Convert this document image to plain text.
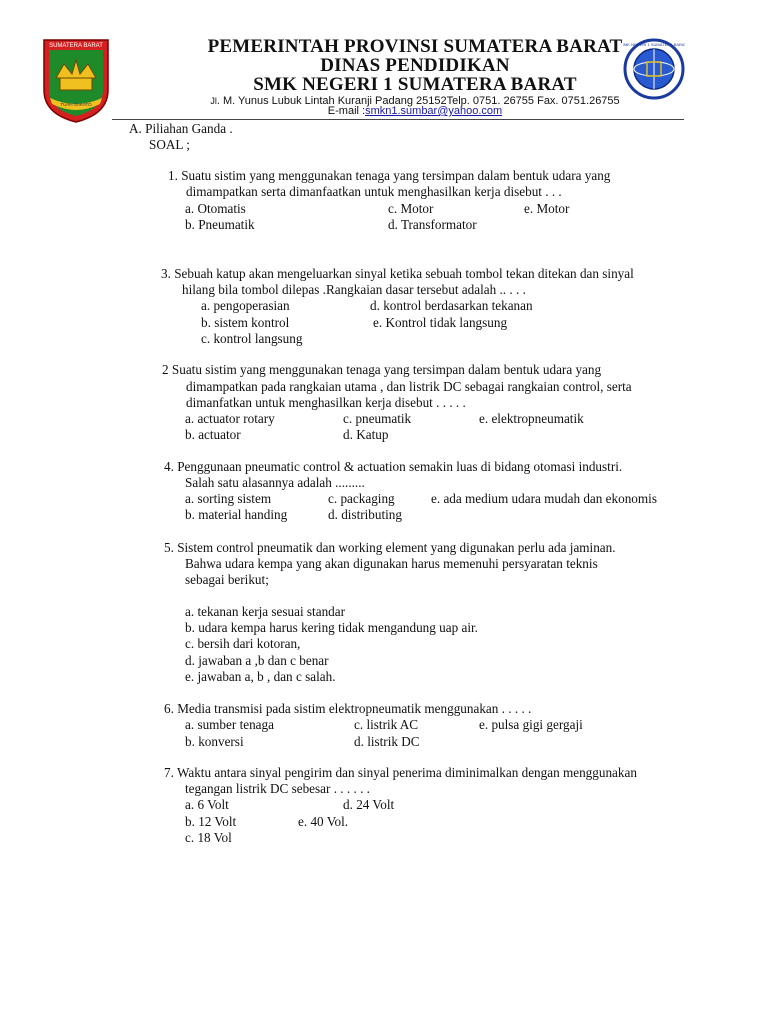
SUMATERA BARAT
TUAH SAKATO
SMK NEGERI 1 SUMATERA BARAT
PEMERINTAH PROVINSI SUMATERA BARAT
DINAS PENDIDIKAN
SMK NEGERI 1 SUMATERA BARAT
Jl. M. Yunus Lubuk Lintah Kuranji Padang 25152Telp. 0751. 26755 Fax. 0751.26755
E-mail :smkn1.sumbar@yahoo.com
A. Piliahan Ganda .
SOAL ;
1. Suatu sistim yang menggunakan tenaga yang tersimpan dalam bentuk udara yang
dimampatkan serta dimanfaatkan untuk menghasilkan kerja disebut . . .
a. Otomatis	c. Motor	e. Motor
b. Pneumatik	d. Transformator
3. Sebuah katup akan mengeluarkan sinyal ketika sebuah tombol tekan ditekan dan sinyal
hilang bila tombol dilepas .Rangkaian dasar tersebut adalah .. . . .
a. pengoperasian	d. kontrol berdasarkan tekanan
b. sistem kontrol	e. Kontrol tidak langsung
c. kontrol langsung
2 Suatu sistim yang menggunakan tenaga yang tersimpan dalam bentuk udara yang
dimampatkan pada rangkaian utama , dan listrik DC sebagai rangkaian control, serta
dimanfatkan untuk menghasilkan kerja disebut . . . . .
a. actuator rotary	c. pneumatik	e. elektropneumatik
b. actuator	d. Katup
4. Penggunaan pneumatic control & actuation semakin luas di bidang otomasi industri.
Salah satu alasannya adalah .........
a. sorting sistem	c. packaging	e. ada medium udara mudah dan ekonomis
b. material handing	d. distributing
5. Sistem control pneumatik dan working element yang digunakan perlu ada jaminan.
Bahwa udara kempa yang akan digunakan harus memenuhi persyaratan teknis
sebagai berikut;
a. tekanan kerja sesuai standar
b. udara kempa harus kering tidak mengandung uap air.
c. bersih dari kotoran,
d. jawaban a ,b dan c benar
e. jawaban a, b , dan c salah.
6. Media transmisi pada sistim elektropneumatik menggunakan . . . . .
a. sumber tenaga	c. listrik AC	e. pulsa gigi gergaji
b. konversi	d. listrik DC
7. Waktu antara sinyal pengirim dan sinyal penerima diminimalkan dengan menggunakan
tegangan listrik DC sebesar . . . . . .
a. 6 Volt	d. 24 Volt
b. 12 Volt	e. 40 Vol.
c. 18 Vol
